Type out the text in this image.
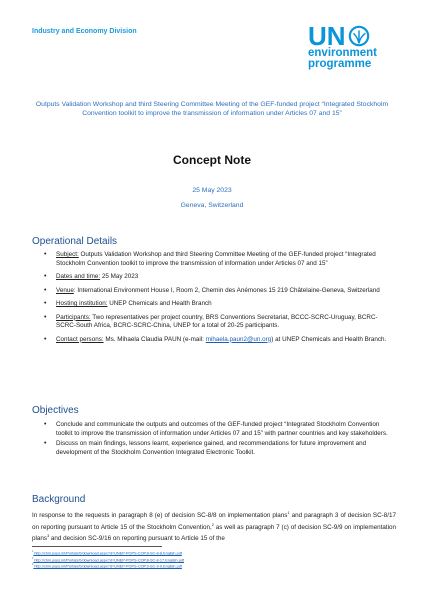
Industry and Economy Division	UN
environment
programme
Outputs Validation Workshop and third Steering Committee Meeting of the GEF-funded project “Integrated Stockholm Convention toolkit to improve the transmission of information under Articles 07 and 15”
Concept Note
25 May 2023
Geneva, Switzerland
Operational Details
• Subject: Outputs Validation Workshop and third Steering Committee Meeting of the GEF-funded project “Integrated Stockholm Convention toolkit to improve the transmission of information under Articles 07 and 15”
• Dates and time: 25 May 2023
• Venue: International Environment House I, Room 2, Chemin des Anémones 15 219 Châtelaine-Geneva, Switzerland
• Hosting institution: UNEP Chemicals and Health Branch
• Participants: Two representatives per project country, BRS Conventions Secretariat, BCCC-SCRC-Uruguay, BCRC-SCRC-South Africa, BCRC-SCRC-China, UNEP for a total of 20-25 participants.
• Contact persons: Ms. Mihaela Claudia PAUN (e-mail: mihaela.paun2@un.org) at UNEP Chemicals and Health Branch.
Objectives
• Conclude and communicate the outputs and outcomes of the GEF-funded project “Integrated Stockholm Convention toolkit to improve the transmission of information under Articles 07 and 15” with partner countries and key stakeholders.
• Discuss on main findings, lessons learnt, experience gained, and recommendations for future improvement and development of the Stockholm Convention Integrated Electronic Toolkit.
Background

In response to the requests in paragraph 8 (e) of decision SC-8/8 on implementation plans$^1$ and paragraph 3 of decision SC-8/17 on reporting pursuant to Article 15 of the Stockholm Convention,$^2$ as well as paragraph 7 (c) of decision SC-9/9 on implementation plans$^3$ and decision SC-9/16 on reporting pursuant to Article 15 of the

$^1$ http://chm.pops.int/Portals/0/download.aspx?d=UNEP-POPS-COP.8-SC-8-8.English.pdf
$^2$ http://chm.pops.int/Portals/0/download.aspx?d=UNEP-POPS-COP.8-SC-8-17.English.pdf
$^3$ http://chm.pops.int/Portals/0/download.aspx?d=UNEP-POPS-COP.9-SC-9-9.English.pdf
